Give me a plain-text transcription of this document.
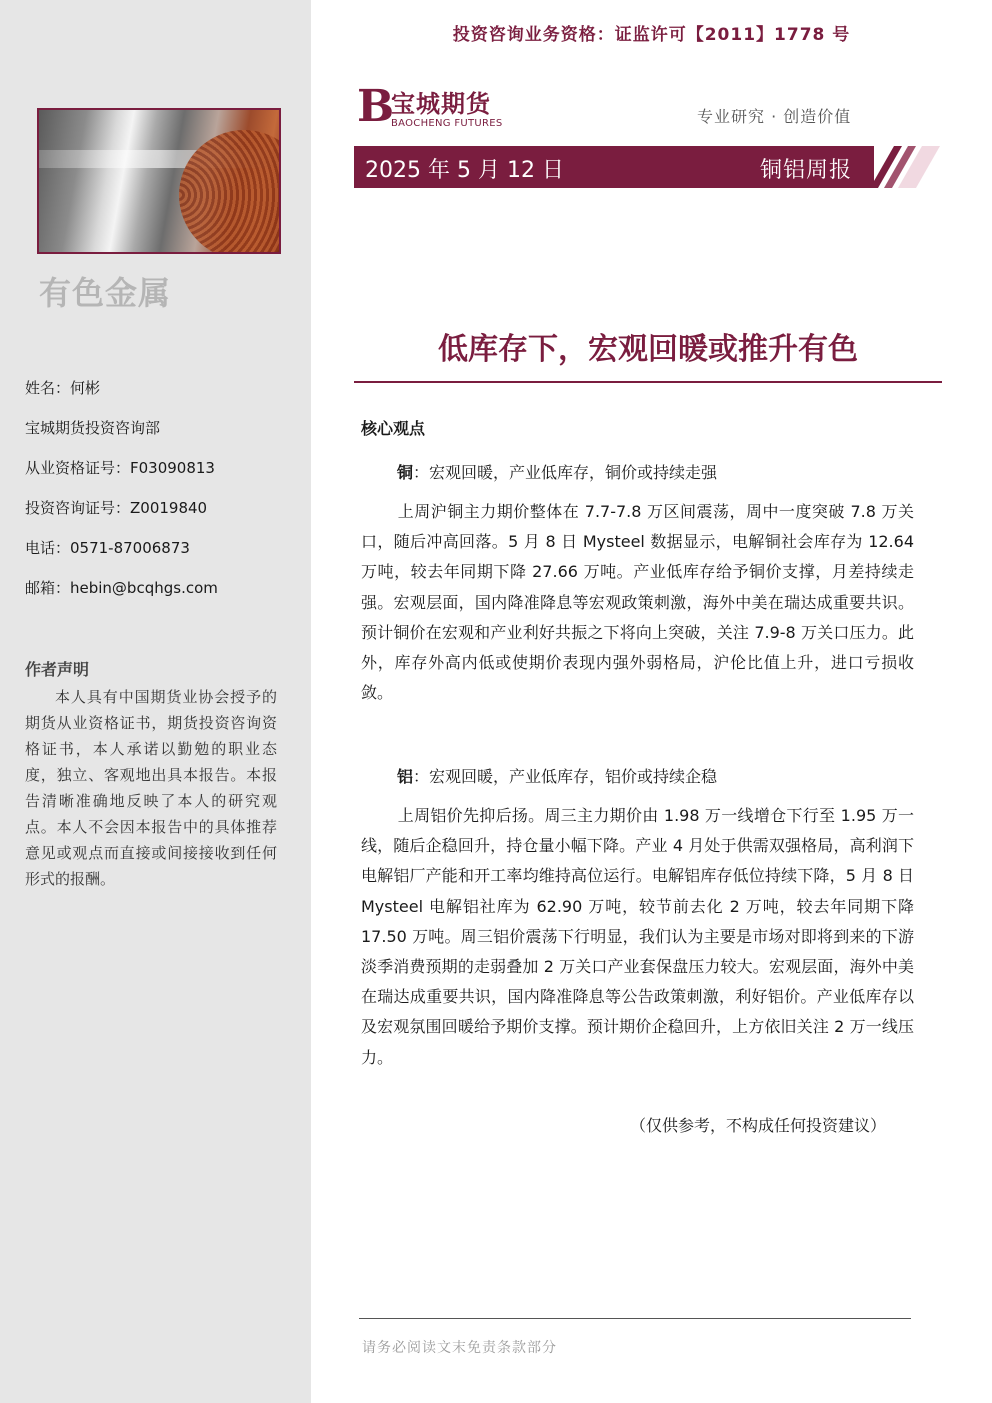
有色金属
姓名：何彬
宝城期货投资咨询部
从业资格证号：F03090813
投资咨询证号：Z0019840
电话：0571-87006873
邮箱：hebin@bcqhgs.com
作者声明
本人具有中国期货业协会授予的期货从业资格证书，期货投资咨询资格证书，本人承诺以勤勉的职业态度，独立、客观地出具本报告。本报告清晰准确地反映了本人的研究观点。本人不会因本报告中的具体推荐意见或观点而直接或间接接收到任何形式的报酬。
投资咨询业务资格：证监许可【2011】1778 号
B
宝城期货
BAOCHENG FUTURES	专业研究 · 创造价值
2025 年 5 月 12 日	铜铝周报
低库存下，宏观回暖或推升有色
核心观点
铜：宏观回暖，产业低库存，铜价或持续走强
上周沪铜主力期价整体在 7.7-7.8 万区间震荡，周中一度突破 7.8 万关口，随后冲高回落。5 月 8 日 Mysteel 数据显示，电解铜社会库存为 12.64 万吨，较去年同期下降 27.66 万吨。产业低库存给予铜价支撑，月差持续走强。宏观层面，国内降准降息等宏观政策刺激，海外中美在瑞达成重要共识。预计铜价在宏观和产业利好共振之下将向上突破，关注 7.9-8 万关口压力。此外，库存外高内低或使期价表现内强外弱格局，沪伦比值上升，进口亏损收敛。
铝：宏观回暖，产业低库存，铝价或持续企稳
上周铝价先抑后扬。周三主力期价由 1.98 万一线增仓下行至 1.95 万一线，随后企稳回升，持仓量小幅下降。产业 4 月处于供需双强格局，高利润下电解铝厂产能和开工率均维持高位运行。电解铝库存低位持续下降，5 月 8 日 Mysteel 电解铝社库为 62.90 万吨，较节前去化 2 万吨，较去年同期下降 17.50 万吨。周三铝价震荡下行明显，我们认为主要是市场对即将到来的下游淡季消费预期的走弱叠加 2 万关口产业套保盘压力较大。宏观层面，海外中美在瑞达成重要共识，国内降准降息等公告政策刺激，利好铝价。产业低库存以及宏观氛围回暖给予期价支撑。预计期价企稳回升，上方依旧关注 2 万一线压力。
（仅供参考，不构成任何投资建议）
请务必阅读文末免责条款部分
